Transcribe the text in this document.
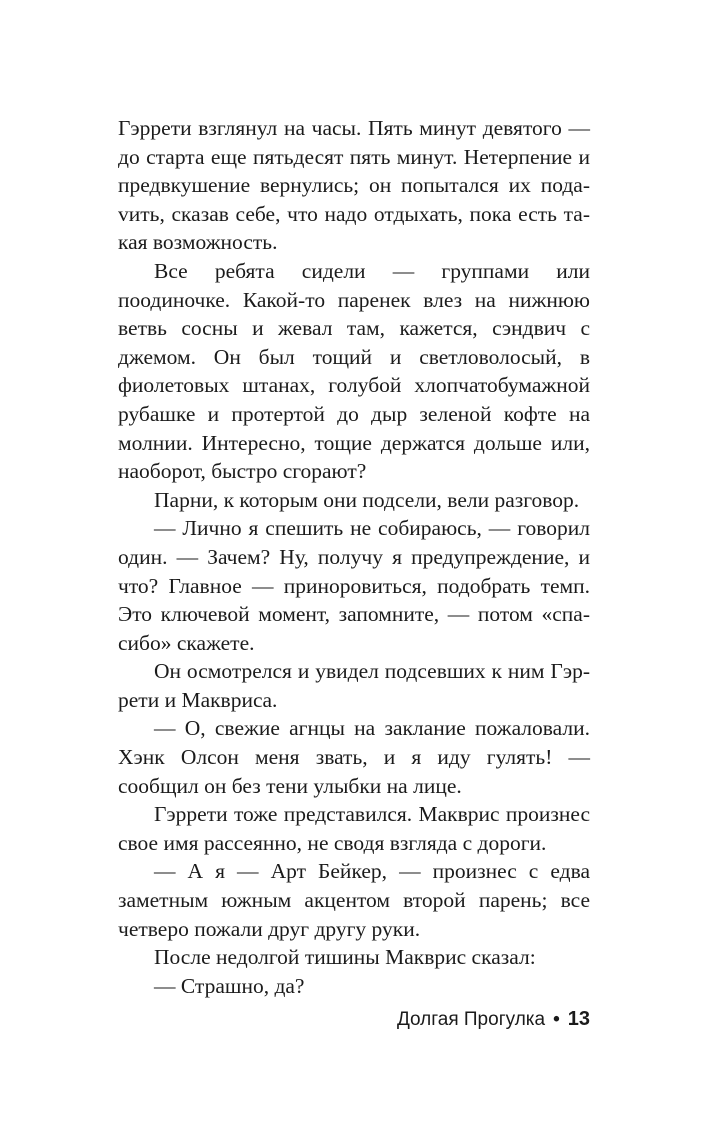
Гэррети взглянул на часы. Пять минут девятого — до старта еще пятьдесят пять минут. Нетерпение и предвкушение вернулись; он попытался их подаvить, сказав себе, что надо отдыхать, пока есть такая возможность.

Все ребята сидели — группами или поодиночке. Какой-то паренек влез на нижнюю ветвь сосны и жевал там, кажется, сэндвич с джемом. Он был тощий и светловолосый, в фиолетовых штанах, голубой хлопчатобумажной рубашке и протертой до дыр зеленой кофте на молнии. Интересно, тощие держатся дольше или, наоборот, быстро сгорают?

Парни, к которым они подсели, вели разговор.

— Лично я спешить не собираюсь, — говорил один. — Зачем? Ну, получу я предупреждение, и что? Главное — приноровиться, подобрать темп. Это ключевой момент, запомните, — потом «спасибо» скажете.

Он осмотрелся и увидел подсевших к ним Гэррети и Макврисa.

— О, свежие агнцы на заклание пожаловали. Хэнк Олсон меня звать, и я иду гулять! — сообщил он без тени улыбки на лице.

Гэррети тоже представился. Макврис произнес свое имя рассеянно, не сводя взгляда с дороги.

— А я — Арт Бейкер, — произнес с едва заметным южным акцентом второй парень; все четверо пожали друг другу руки.

После недолгой тишины Макврис сказал:

— Страшно, да?

Долгая Прогулка • 13
